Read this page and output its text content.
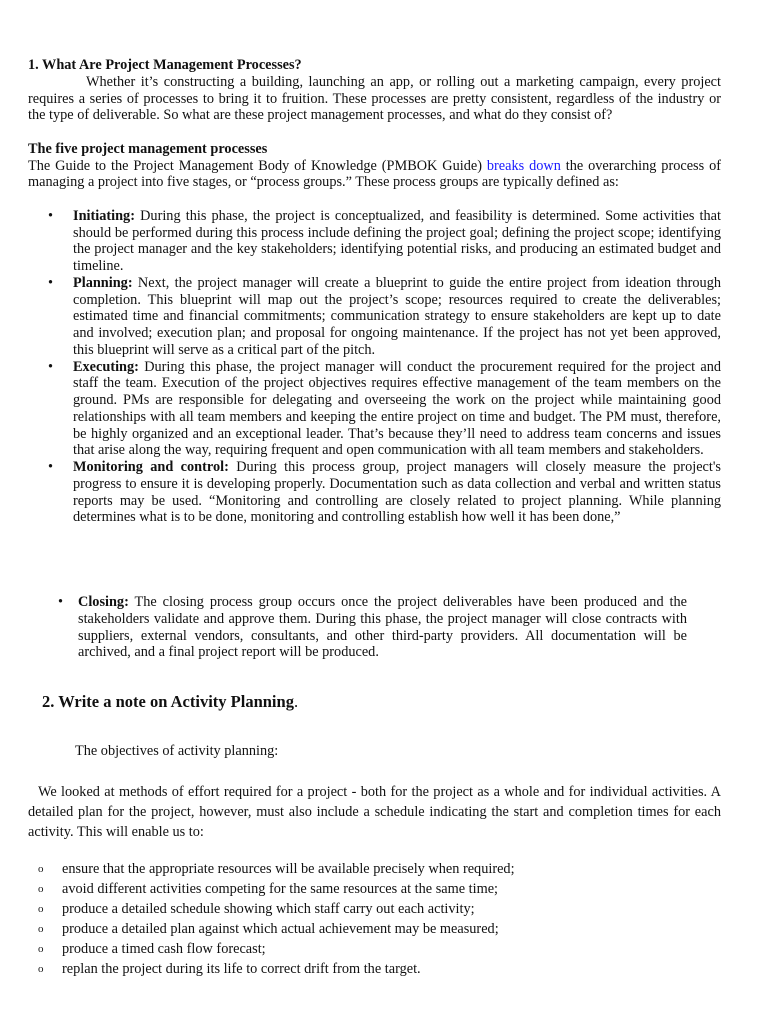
1. What Are Project Management Processes?

Whether it’s constructing a building, launching an app, or rolling out a marketing campaign, every project requires a series of processes to bring it to fruition. These processes are pretty consistent, regardless of the industry or the type of deliverable. So what are these project management processes, and what do they consist of?

The five project management processes

The Guide to the Project Management Body of Knowledge (PMBOK Guide) breaks down the overarching process of managing a project into five stages, or “process groups.” These process groups are typically defined as:

• Initiating: During this phase, the project is conceptualized, and feasibility is determined. Some activities that should be performed during this process include defining the project goal; defining the project scope; identifying the project manager and the key stakeholders; identifying potential risks, and producing an estimated budget and timeline.
• Planning: Next, the project manager will create a blueprint to guide the entire project from ideation through completion. This blueprint will map out the project’s scope; resources required to create the deliverables; estimated time and financial commitments; communication strategy to ensure stakeholders are kept up to date and involved; execution plan; and proposal for ongoing maintenance. If the project has not yet been approved, this blueprint will serve as a critical part of the pitch.
• Executing: During this phase, the project manager will conduct the procurement required for the project and staff the team. Execution of the project objectives requires effective management of the team members on the ground. PMs are responsible for delegating and overseeing the work on the project while maintaining good relationships with all team members and keeping the entire project on time and budget. The PM must, therefore, be highly organized and an exceptional leader. That’s because they’ll need to address team concerns and issues that arise along the way, requiring frequent and open communication with all team members and stakeholders.
• Monitoring and control: During this process group, project managers will closely measure the project's progress to ensure it is developing properly. Documentation such as data collection and verbal and written status reports may be used. “Monitoring and controlling are closely related to project planning. While planning determines what is to be done, monitoring and controlling establish how well it has been done,”
•	Closing: The closing process group occurs once the project deliverables have been produced and the stakeholders validate and approve them. During this phase, the project manager will close contracts with suppliers, external vendors, consultants, and other third-party providers. All documentation will be archived, and a final project report will be produced.
2. Write a note on Activity Planning.
The objectives of activity planning:
We looked at methods of effort required for a project - both for the project as a whole and for individual activities. A detailed plan for the project, however, must also include a schedule indicating the start and completion times for each activity. This will enable us to:
o ensure that the appropriate resources will be available precisely when required;
o avoid different activities competing for the same resources at the same time;
o produce a detailed schedule showing which staff carry out each activity;
o produce a detailed plan against which actual achievement may be measured;
o produce a timed cash flow forecast;
o replan the project during its life to correct drift from the target.
